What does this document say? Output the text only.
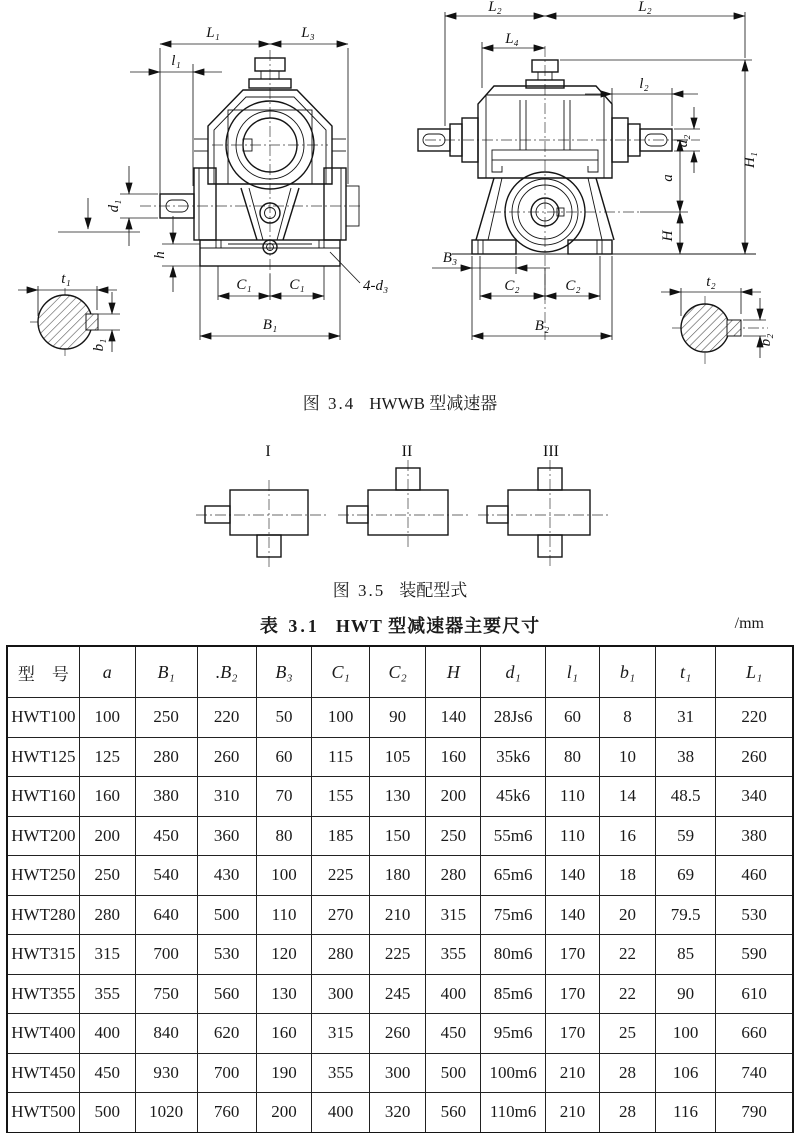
L₁	L₃
l₁
d₁
h
4-d₃
C₁	C₁
B₁
t₁
b₁
L₂	L₂
L₄
l₂
d₂
a
H
H₁
B₃
C₂	C₂
B₂
t₂
b₂
图 3.4 HWWB 型减速器
I	II	III
图 3.5 装配型式
表 3.1 HWT 型减速器主要尺寸	/mm
型　号	a	B₁	.B₂	B₃	C₁	C₂	H	d₁	l₁	b₁	t₁	L₁
HWT100	100	250	220	50	100	90	140	28Js6	60	8	31	220
HWT125	125	280	260	60	115	105	160	35k6	80	10	38	260
HWT160	160	380	310	70	155	130	200	45k6	110	14	48.5	340
HWT200	200	450	360	80	185	150	250	55m6	110	16	59	380
HWT250	250	540	430	100	225	180	280	65m6	140	18	69	460
HWT280	280	640	500	110	270	210	315	75m6	140	20	79.5	530
HWT315	315	700	530	120	280	225	355	80m6	170	22	85	590
HWT355	355	750	560	130	300	245	400	85m6	170	22	90	610
HWT400	400	840	620	160	315	260	450	95m6	170	25	100	660
HWT450	450	930	700	190	355	300	500	100m6	210	28	106	740
HWT500	500	1020	760	200	400	320	560	110m6	210	28	116	790
